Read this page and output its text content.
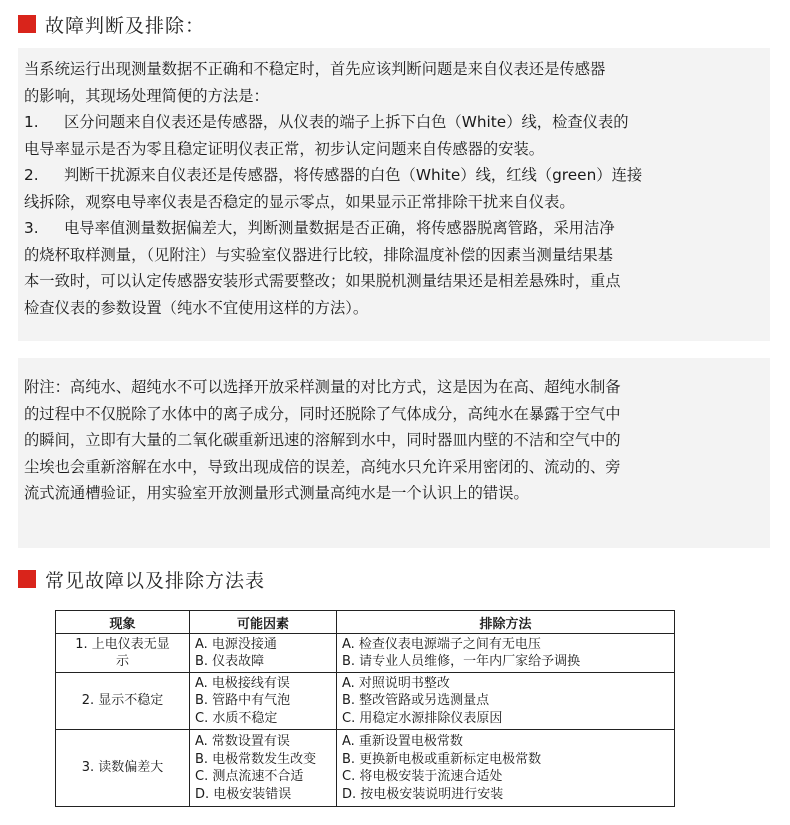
故障判断及排除：

当系统运行出现测量数据不正确和不稳定时，首先应该判断问题是来自仪表还是传感器

的影响，其现场处理简便的方法是：

1. 区分问题来自仪表还是传感器，从仪表的端子上拆下白色（White）线，检查仪表的

电导率显示是否为零且稳定证明仪表正常，初步认定问题来自传感器的安装。

2. 判断干扰源来自仪表还是传感器，将传感器的白色（White）线，红线（green）连接

线拆除，观察电导率仪表是否稳定的显示零点，如果显示正常排除干扰来自仪表。

3. 电导率值测量数据偏差大，判断测量数据是否正确，将传感器脱离管路，采用洁净

的烧杯取样测量，（见附注）与实验室仪器进行比较，排除温度补偿的因素当测量结果基

本一致时，可以认定传感器安装形式需要整改；如果脱机测量结果还是相差悬殊时，重点

检查仪表的参数设置（纯水不宜使用这样的方法）。

附注：高纯水、超纯水不可以选择开放采样测量的对比方式，这是因为在高、超纯水制备

的过程中不仅脱除了水体中的离子成分，同时还脱除了气体成分，高纯水在暴露于空气中

的瞬间，立即有大量的二氧化碳重新迅速的溶解到水中，同时器皿内壁的不洁和空气中的

尘埃也会重新溶解在水中，导致出现成倍的误差，高纯水只允许采用密闭的、流动的、旁

流式流通槽验证，用实验室开放测量形式测量高纯水是一个认识上的错误。

常见故障以及排除方法表
现象	可能因素	排除方法

1. 上电仪表无显
示	A. 电源没接通
B. 仪表故障	A. 检查仪表电源端子之间有无电压
B. 请专业人员维修，一年内厂家给予调换

2. 显示不稳定	A. 电极接线有误
B. 管路中有气泡
C. 水质不稳定	A. 对照说明书整改
B. 整改管路或另选测量点
C. 用稳定水源排除仪表原因

3. 读数偏差大	A. 常数设置有误
B. 电极常数发生改变
C. 测点流速不合适
D. 电极安装错误	A. 重新设置电极常数
B. 更换新电极或重新标定电极常数
C. 将电极安装于流速合适处
D. 按电极安装说明进行安装
